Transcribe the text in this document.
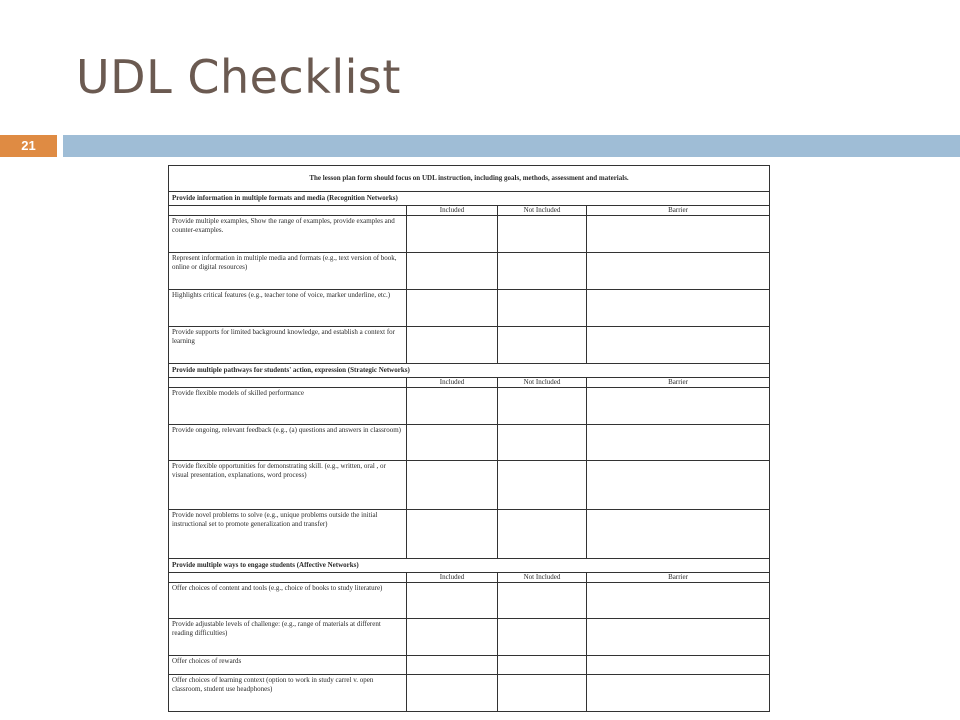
UDL Checklist
21
The lesson plan form should focus on UDL instruction, including goals, methods, assessment and materials.			
Provide information in multiple formats and media (Recognition Networks)			
	Included	Not Included	Barrier
Provide multiple examples, Show the range of examples, provide examples and counter-examples.			
Represent information in multiple media and formats (e.g., text version of book, online or digital resources)			
Highlights critical features (e.g., teacher tone of voice, marker underline, etc.)			
Provide supports for limited background knowledge, and establish a context for learning			
Provide multiple pathways for students' action, expression (Strategic Networks)			
	Included	Not Included	Barrier
Provide flexible models of skilled performance			
Provide ongoing, relevant feedback (e.g., (a) questions and answers in classroom)			
Provide flexible opportunities for demonstrating skill. (e.g., written, oral , or visual presentation, explanations, word process)			
Provide novel problems to solve (e.g., unique problems outside the initial instructional set to promote generalization and transfer)			
Provide multiple ways to engage students (Affective Networks)			
	Included	Not Included	Barrier
Offer choices of content and tools (e.g., choice of books to study literature)			
Provide adjustable levels of challenge: (e.g., range of materials at different reading difficulties)			
Offer choices of rewards			
Offer choices of learning context (option to work in study carrel v. open classroom, student use headphones)			
